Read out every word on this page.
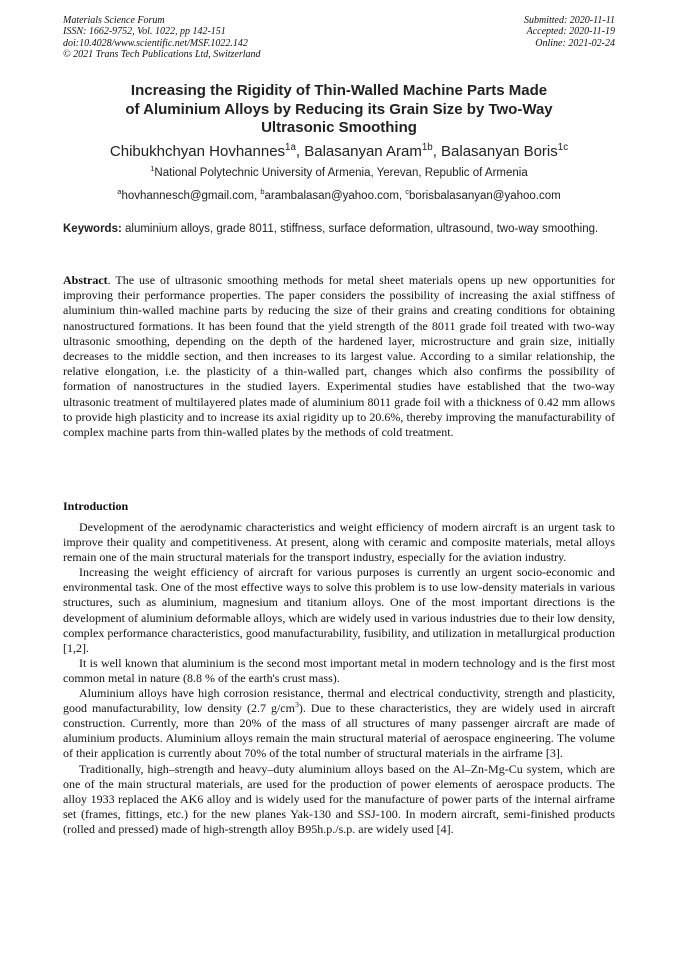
Materials Science Forum
ISSN: 1662-9752, Vol. 1022, pp 142-151
doi:10.4028/www.scientific.net/MSF.1022.142
© 2021 Trans Tech Publications Ltd, Switzerland
Submitted: 2020-11-11
Accepted: 2020-11-19
Online: 2021-02-24
Increasing the Rigidity of Thin-Walled Machine Parts Made
of Aluminium Alloys by Reducing its Grain Size by Two-Way
Ultrasonic Smoothing
Chibukhchyan Hovhannes$^{1a}$, Balasanyan Aram$^{1b}$, Balasanyan Boris$^{1c}$
$^1$National Polytechnic University of Armenia, Yerevan, Republic of Armenia
$^a$hovhannesch@gmail.com, $^b$arambalasan@yahoo.com, $^c$borisbalasanyan@yahoo.com
Keywords: aluminium alloys, grade 8011, stiffness, surface deformation, ultrasound, two-way smoothing.
Abstract. The use of ultrasonic smoothing methods for metal sheet materials opens up new opportunities for improving their performance properties. The paper considers the possibility of increasing the axial stiffness of aluminium thin-walled machine parts by reducing the size of their grains and creating conditions for obtaining nanostructured formations. It has been found that the yield strength of the 8011 grade foil treated with two-way ultrasonic smoothing, depending on the depth of the hardened layer, microstructure and grain size, initially decreases to the middle section, and then increases to its largest value. According to a similar relationship, the relative elongation, i.e. the plasticity of a thin-walled part, changes which also confirms the possibility of formation of nanostructures in the studied layers. Experimental studies have established that the two-way ultrasonic treatment of multilayered plates made of aluminium 8011 grade foil with a thickness of 0.42 mm allows to provide high plasticity and to increase its axial rigidity up to 20.6%, thereby improving the manufacturability of complex machine parts from thin-walled plates by the methods of cold treatment.
Introduction

Development of the aerodynamic characteristics and weight efficiency of modern aircraft is an urgent task to improve their quality and competitiveness. At present, along with ceramic and composite materials, metal alloys remain one of the main structural materials for the transport industry, especially for the aviation industry.

Increasing the weight efficiency of aircraft for various purposes is currently an urgent socio-economic and environmental task. One of the most effective ways to solve this problem is to use low-density materials in various structures, such as aluminium, magnesium and titanium alloys. One of the most important directions is the development of aluminium deformable alloys, which are widely used in various industries due to their low density, complex performance characteristics, good manufacturability, fusibility, and utilization in metallurgical production [1,2].

It is well known that aluminium is the second most important metal in modern technology and is the first most common metal in nature (8.8 % of the earth's crust mass).

Aluminium alloys have high corrosion resistance, thermal and electrical conductivity, strength and plasticity, good manufacturability, low density (2.7 $g/cm^3$). Due to these characteristics, they are widely used in aircraft construction. Currently, more than 20% of the mass of all structures of many passenger aircraft are made of aluminium products. Aluminium alloys remain the main structural material of aerospace engineering. The volume of their application is currently about 70% of the total number of structural materials in the airframe [3].

Traditionally, high–strength and heavy–duty aluminium alloys based on the Al–Zn-Mg-Cu system, which are one of the main structural materials, are used for the production of power elements of aerospace products. The alloy 1933 replaced the AK6 alloy and is widely used for the manufacture of power parts of the internal airframe set (frames, fittings, etc.) for the new planes Yak-130 and SSJ-100. In modern aircraft, semi-finished products (rolled and pressed) made of high-strength alloy B95h.p./s.p. are widely used [4].
